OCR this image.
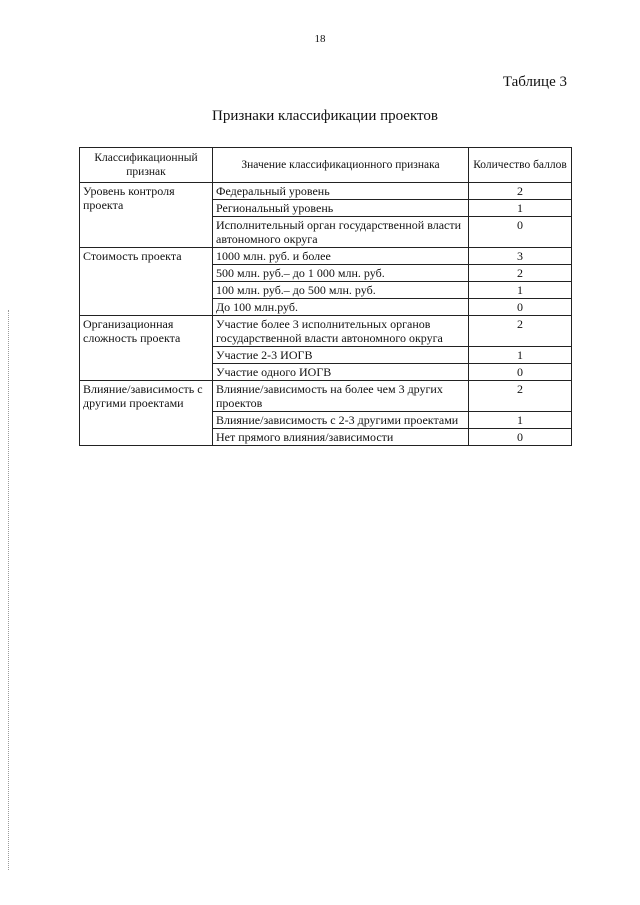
18
Таблице 3
Признаки классификации проектов
Классификационный признак	Значение классификационного признака	Количество баллов
Уровень контроля проекта	Федеральный уровень	2
	Региональный уровень	1
	Исполнительный орган государственной власти автономного округа	0
Стоимость проекта	1000 млн. руб. и более	3
	500 млн. руб.– до 1 000 млн. руб.	2
	100 млн. руб.– до 500 млн. руб.	1
	До 100 млн.руб.	0
Организационная сложность проекта	Участие более 3 исполнительных органов государственной власти автономного округа	2
	Участие 2-3 ИОГВ	1
	Участие одного ИОГВ	0
Влияние/зависимость с другими проектами	Влияние/зависимость на более чем 3 других проектов	2
	Влияние/зависимость с 2-3 другими проектами	1
	Нет прямого влияния/зависимости	0
